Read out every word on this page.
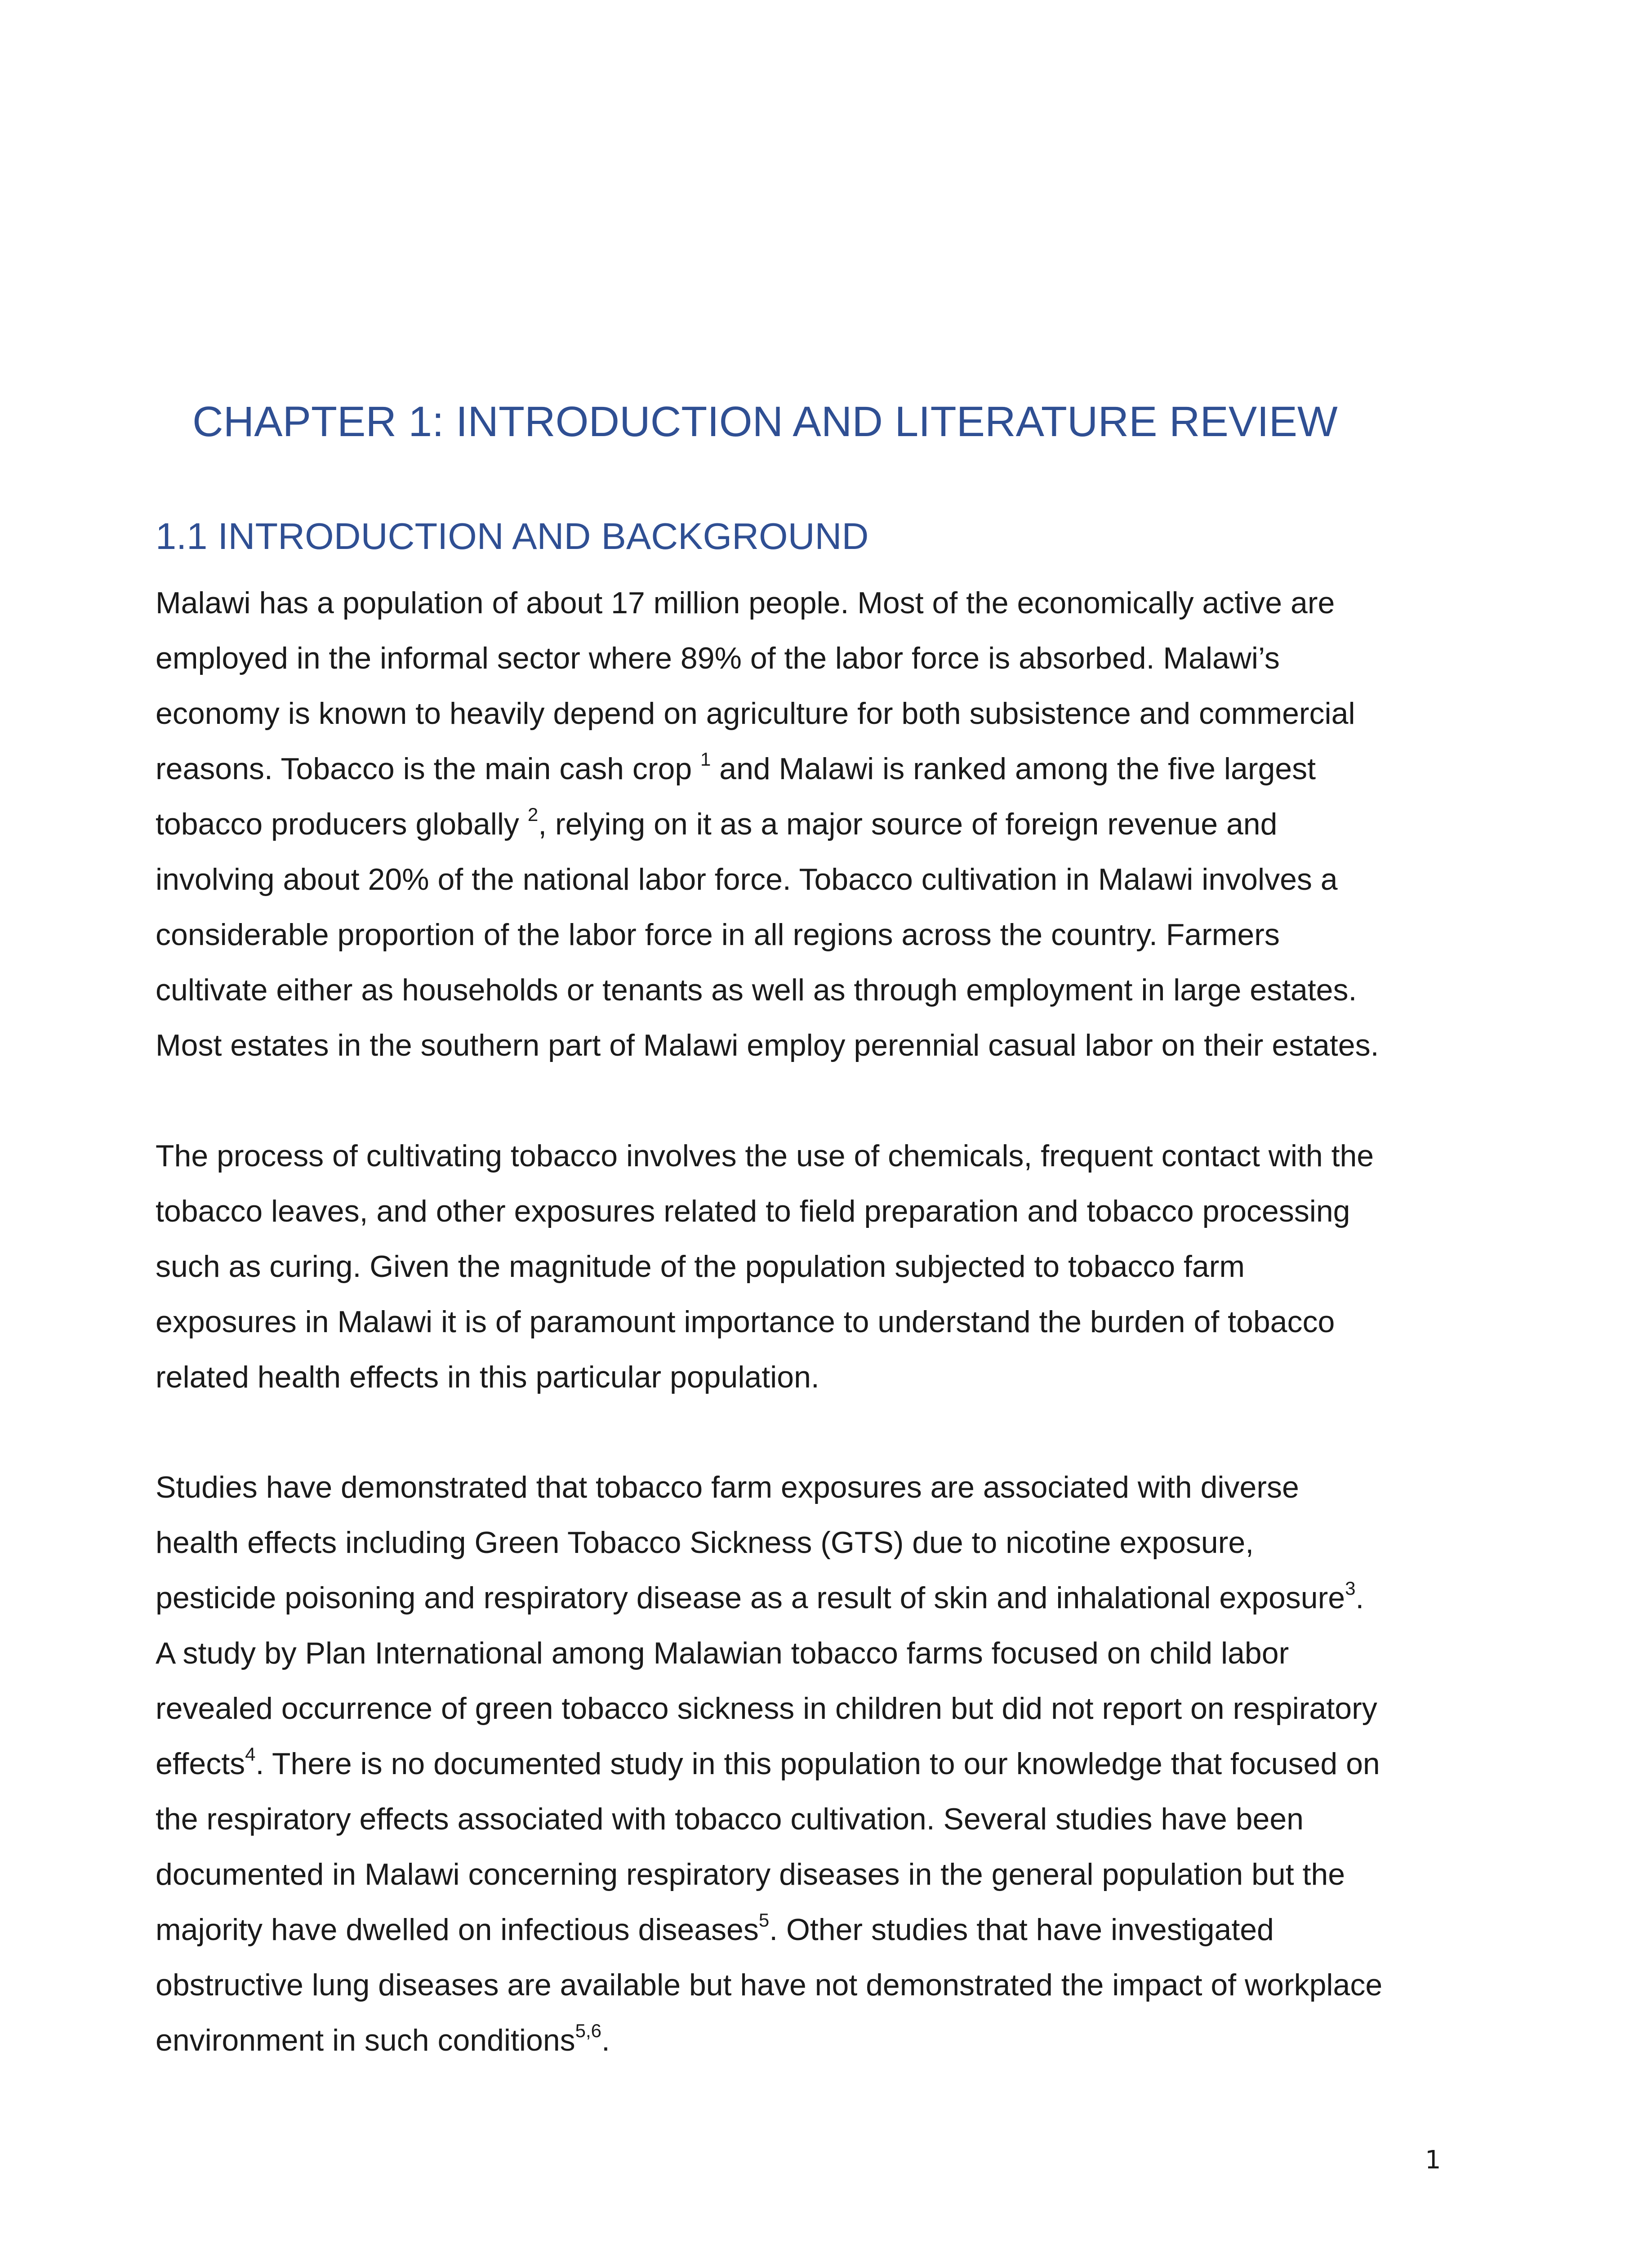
CHAPTER 1: INTRODUCTION AND LITERATURE REVIEW
1.1 INTRODUCTION AND BACKGROUND
Malawi has a population of about 17 million people. Most of the economically active are
employed in the informal sector where 89% of the labor force is absorbed. Malawi’s
economy is known to heavily depend on agriculture for both subsistence and commercial
reasons. Tobacco is the main cash crop $^1$ and Malawi is ranked among the five largest
tobacco producers globally $^2$, relying on it as a major source of foreign revenue and
involving about 20% of the national labor force. Tobacco cultivation in Malawi involves a
considerable proportion of the labor force in all regions across the country. Farmers
cultivate either as households or tenants as well as through employment in large estates.
Most estates in the southern part of Malawi employ perennial casual labor on their estates.
The process of cultivating tobacco involves the use of chemicals, frequent contact with the
tobacco leaves, and other exposures related to field preparation and tobacco processing
such as curing. Given the magnitude of the population subjected to tobacco farm
exposures in Malawi it is of paramount importance to understand the burden of tobacco
related health effects in this particular population.
Studies have demonstrated that tobacco farm exposures are associated with diverse
health effects including Green Tobacco Sickness (GTS) due to nicotine exposure,
pesticide poisoning and respiratory disease as a result of skin and inhalational exposure$^3$.
A study by Plan International among Malawian tobacco farms focused on child labor
revealed occurrence of green tobacco sickness in children but did not report on respiratory
effects$^4$. There is no documented study in this population to our knowledge that focused on
the respiratory effects associated with tobacco cultivation. Several studies have been
documented in Malawi concerning respiratory diseases in the general population but the
majority have dwelled on infectious diseases$^5$. Other studies that have investigated
obstructive lung diseases are available but have not demonstrated the impact of workplace
environment in such conditions$^{5,6}$.
1
